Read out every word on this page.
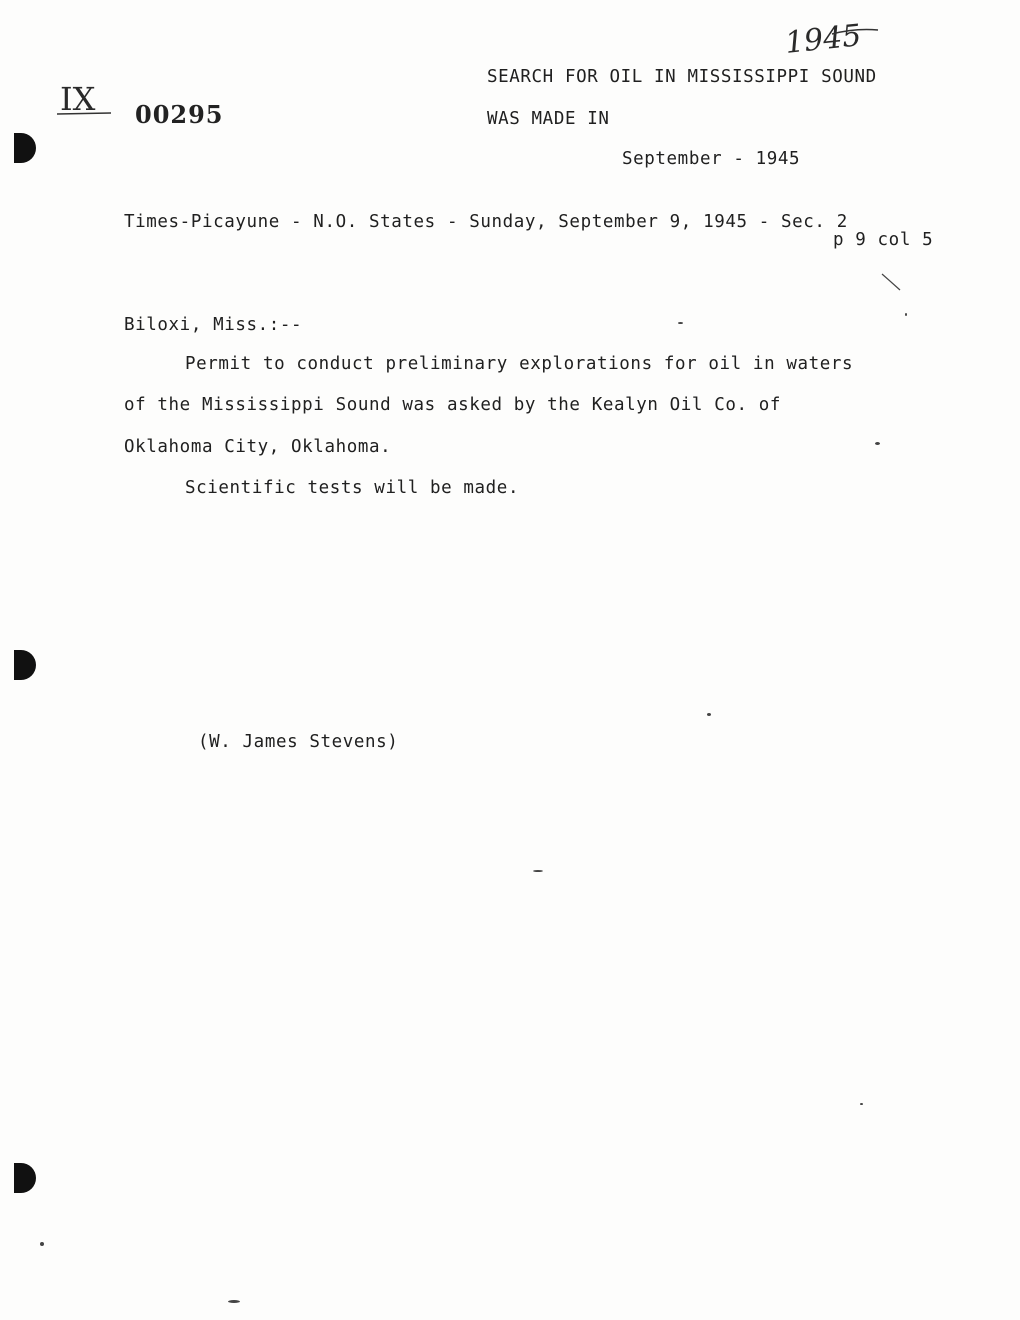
1945
IX 00295
SEARCH FOR OIL IN MISSISSIPPI SOUND
WAS MADE IN
September - 1945
Times-Picayune - N.O. States - Sunday, September 9, 1945 - Sec. 2
p 9 col 5
Biloxi, Miss.:--
Permit to conduct preliminary explorations for oil in waters
of the Mississippi Sound was asked by the Kealyn Oil Co. of
Oklahoma City, Oklahoma.
Scientific tests will be made.
(W. James Stevens)
